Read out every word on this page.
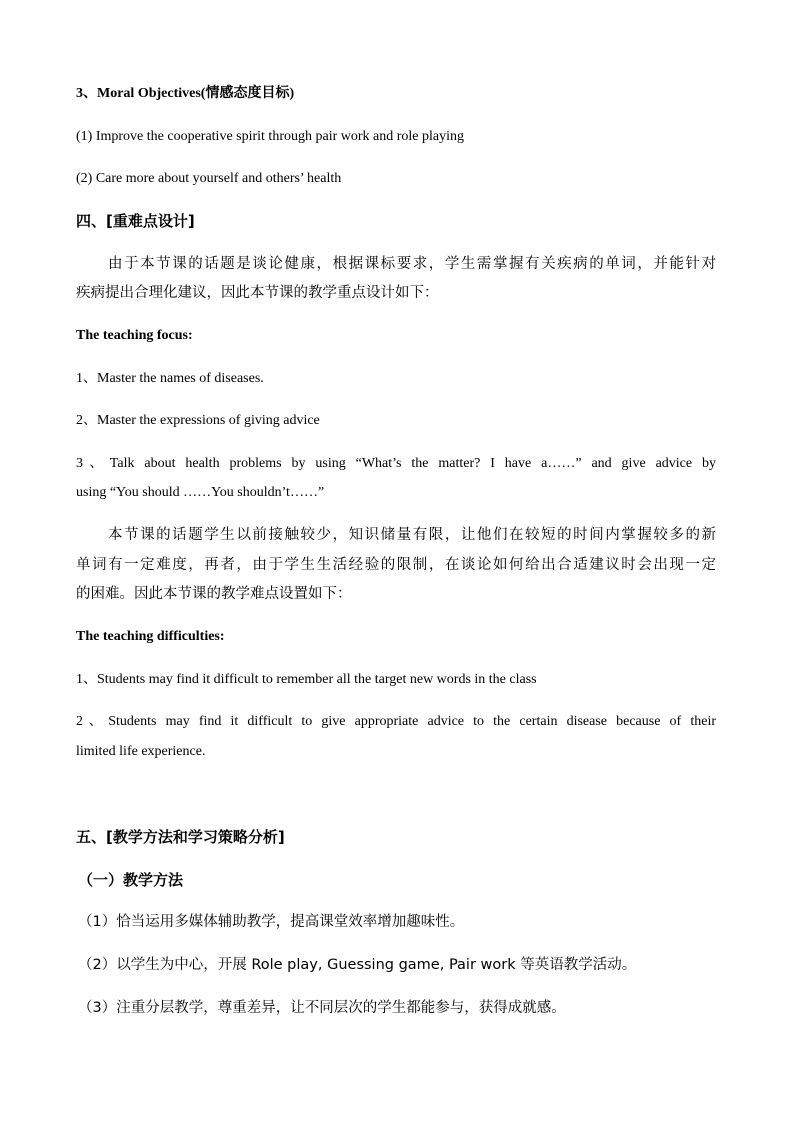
3、Moral Objectives(情感态度目标)
(1) Improve the cooperative spirit through pair work and role playing
(2) Care more about yourself and others’ health
四、[重难点设计]
由于本节课的话题是谈论健康，根据课标要求，学生需掌握有关疾病的单词，并能针对
疾病提出合理化建议，因此本节课的教学重点设计如下：
The teaching focus:
1、Master the names of diseases.
2、Master the expressions of giving advice
3、Talk about health problems by using “What’s the matter? I have a……” and give advice by
using “You should ……You shouldn’t……”
本节课的话题学生以前接触较少，知识储量有限，让他们在较短的时间内掌握较多的新
单词有一定难度，再者，由于学生生活经验的限制，在谈论如何给出合适建议时会出现一定
的困难。因此本节课的教学难点设置如下：
The teaching difficulties:
1、Students may find it difficult to remember all the target new words in the class
2、Students may find it difficult to give appropriate advice to the certain disease because of their
limited life experience.
五、[教学方法和学习策略分析]
（一）教学方法
（1）恰当运用多媒体辅助教学，提高课堂效率增加趣味性。
（2）以学生为中心，开展 Role play, Guessing game, Pair work 等英语教学活动。
（3）注重分层教学，尊重差异，让不同层次的学生都能参与，获得成就感。
